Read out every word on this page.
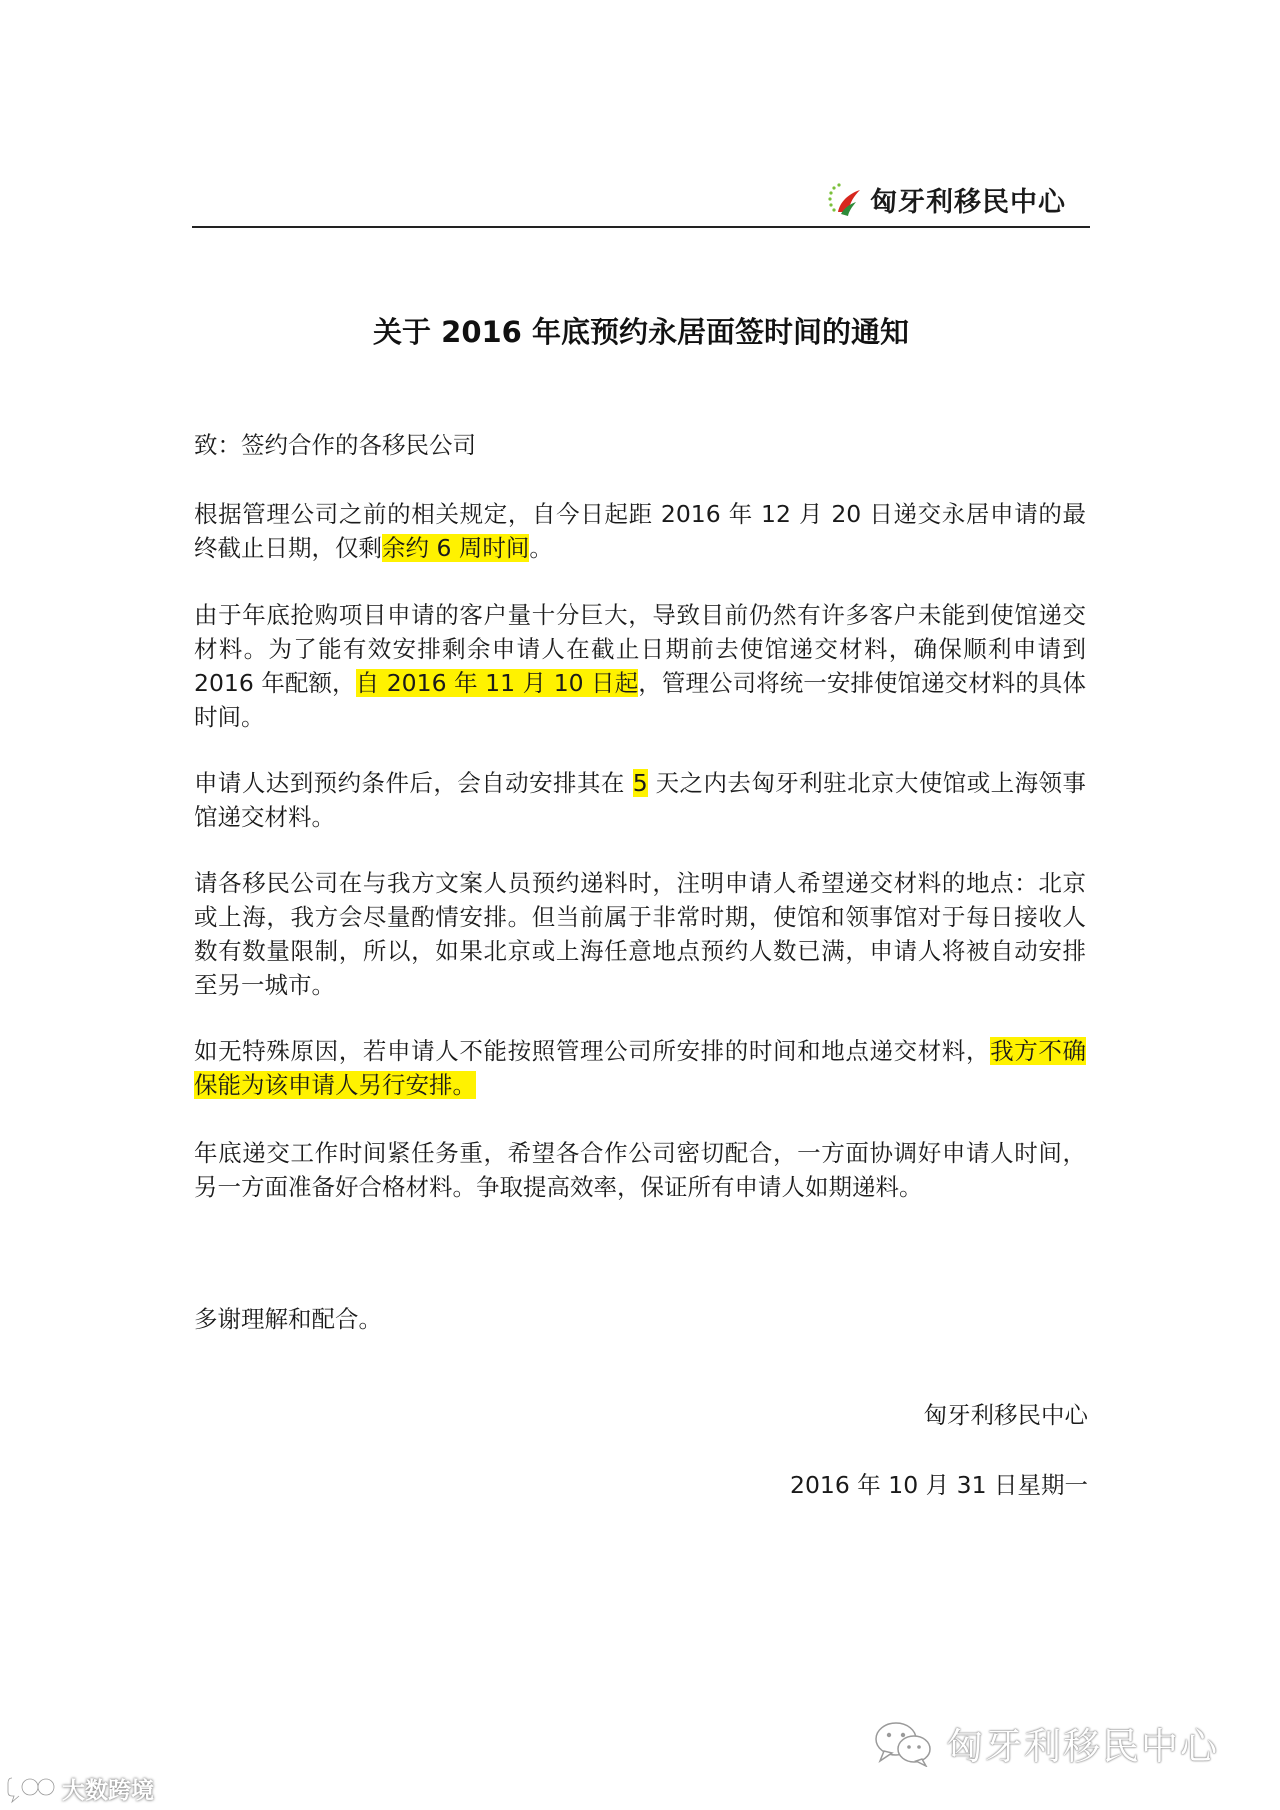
匈牙利移民中心
关于 2016 年底预约永居面签时间的通知

致：签约合作的各移民公司

根据管理公司之前的相关规定，自今日起距 2016 年 12 月 20 日递交永居申请的最终截止日期，仅剩余约 6 周时间。

由于年底抢购项目申请的客户量十分巨大，导致目前仍然有许多客户未能到使馆递交材料。为了能有效安排剩余申请人在截止日期前去使馆递交材料，确保顺利申请到 2016 年配额，自 2016 年 11 月 10 日起，管理公司将统一安排使馆递交材料的具体时间。

申请人达到预约条件后，会自动安排其在 5 天之内去匈牙利驻北京大使馆或上海领事馆递交材料。

请各移民公司在与我方文案人员预约递料时，注明申请人希望递交材料的地点：北京或上海，我方会尽量酌情安排。但当前属于非常时期，使馆和领事馆对于每日接收人数有数量限制，所以，如果北京或上海任意地点预约人数已满，申请人将被自动安排至另一城市。

如无特殊原因，若申请人不能按照管理公司所安排的时间和地点递交材料，我方不确保能为该申请人另行安排。

年底递交工作时间紧任务重，希望各合作公司密切配合，一方面协调好申请人时间，另一方面准备好合格材料。争取提高效率，保证所有申请人如期递料。

多谢理解和配合。

匈牙利移民中心
2016 年 10 月 31 日星期一
大数跨境
匈牙利移民中心
